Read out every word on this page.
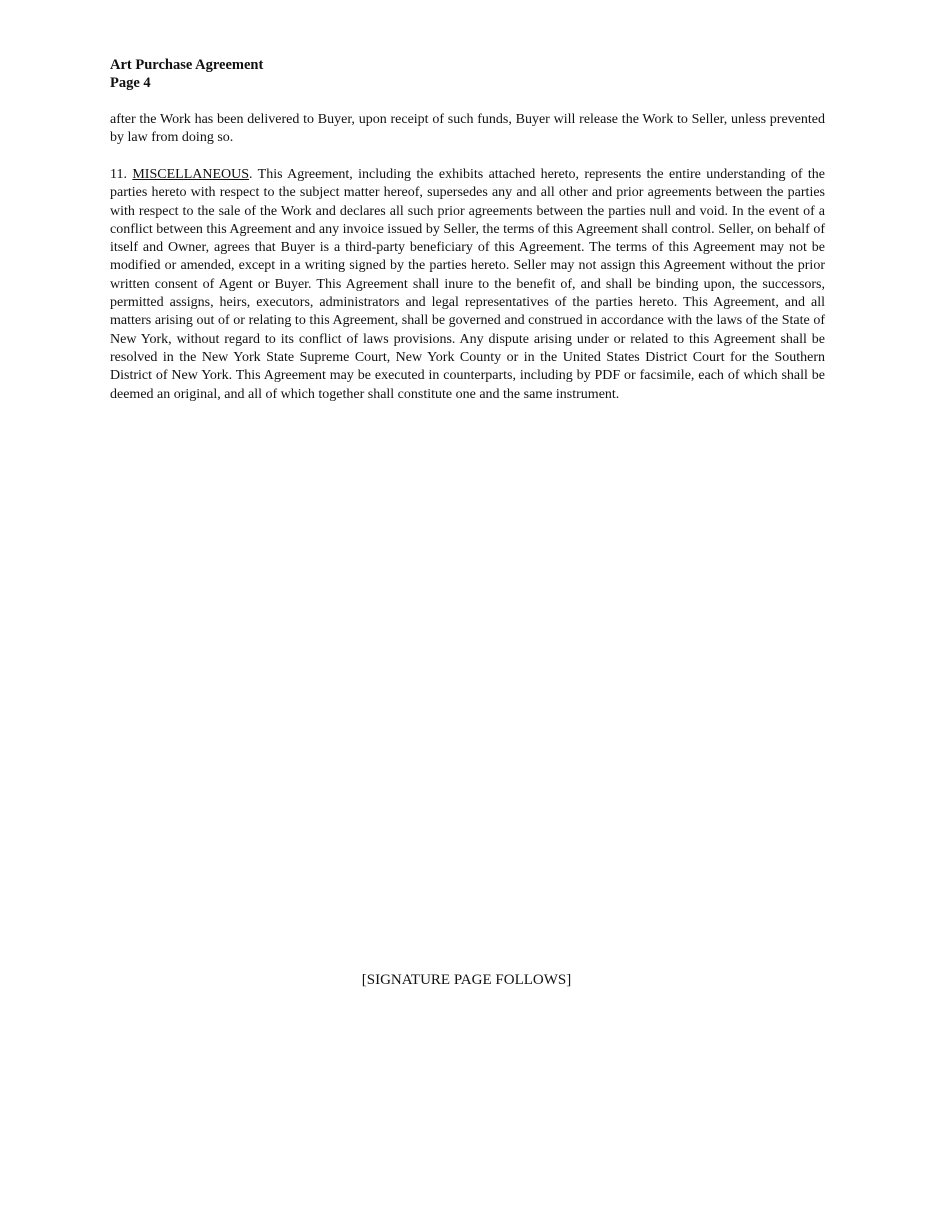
Art Purchase Agreement
Page 4
after the Work has been delivered to Buyer, upon receipt of such funds, Buyer will release the Work to Seller, unless prevented by law from doing so.
11. MISCELLANEOUS. This Agreement, including the exhibits attached hereto, represents the entire understanding of the parties hereto with respect to the subject matter hereof, supersedes any and all other and prior agreements between the parties with respect to the sale of the Work and declares all such prior agreements between the parties null and void. In the event of a conflict between this Agreement and any invoice issued by Seller, the terms of this Agreement shall control. Seller, on behalf of itself and Owner, agrees that Buyer is a third-party beneficiary of this Agreement. The terms of this Agreement may not be modified or amended, except in a writing signed by the parties hereto. Seller may not assign this Agreement without the prior written consent of Agent or Buyer. This Agreement shall inure to the benefit of, and shall be binding upon, the successors, permitted assigns, heirs, executors, administrators and legal representatives of the parties hereto. This Agreement, and all matters arising out of or relating to this Agreement, shall be governed and construed in accordance with the laws of the State of New York, without regard to its conflict of laws provisions. Any dispute arising under or related to this Agreement shall be resolved in the New York State Supreme Court, New York County or in the United States District Court for the Southern District of New York. This Agreement may be executed in counterparts, including by PDF or facsimile, each of which shall be deemed an original, and all of which together shall constitute one and the same instrument.
[SIGNATURE PAGE FOLLOWS]
